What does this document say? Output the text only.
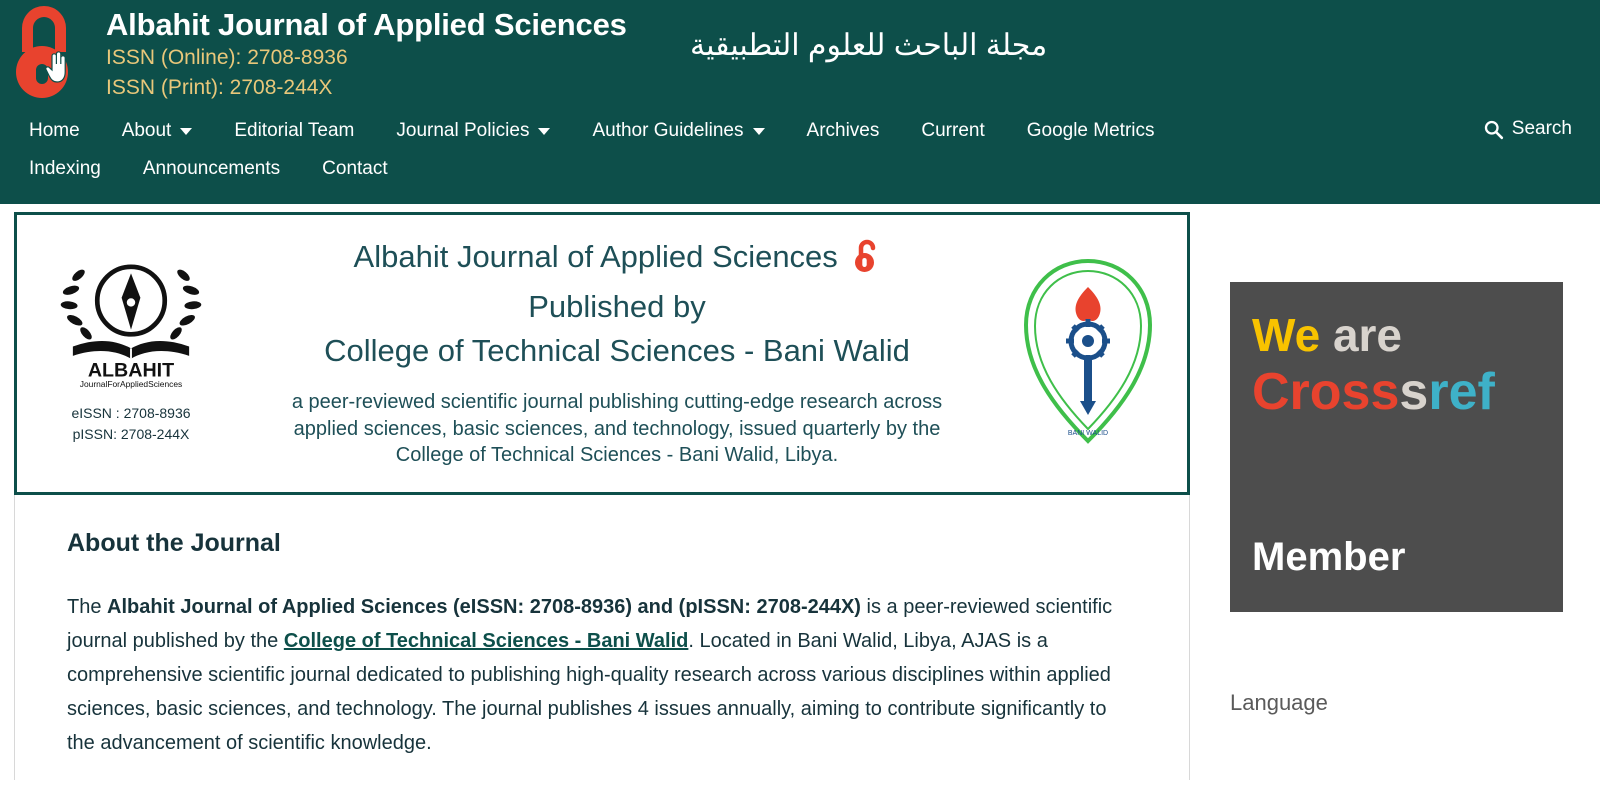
Albahit Journal of Applied Sciences
ISSN (Online): 2708-8936
ISSN (Print): 2708-244X
مجلة الباحث للعلوم التطبيقية
Home About	Editorial Team Journal Policies	Author Guidelines	Archives Current Google Metrics
Indexing Announcements Contact
Search
ALBAHIT
JournalForAppliedSciences
eISSN : 2708-8936
pISSN: 2708-244X
Albahit Journal of Applied Sciences
Published by
College of Technical Sciences - Bani Walid
a peer-reviewed scientific journal publishing cutting-edge research across applied sciences, basic sciences, and technology, issued quarterly by the College of Technical Sciences - Bani Walid, Libya.
BANI WALID
About the Journal

The Albahit Journal of Applied Sciences (eISSN: 2708-8936) and (pISSN: 2708-244X) is a peer-reviewed scientific journal published by the College of Technical Sciences - Bani Walid. Located in Bani Walid, Libya, AJAS is a comprehensive scientific journal dedicated to publishing high-quality research across various disciplines within applied sciences, basic sciences, and technology. The journal publishes 4 issues annually, aiming to contribute significantly to the advancement of scientific knowledge.

We are
Crosssref
Member
Language
